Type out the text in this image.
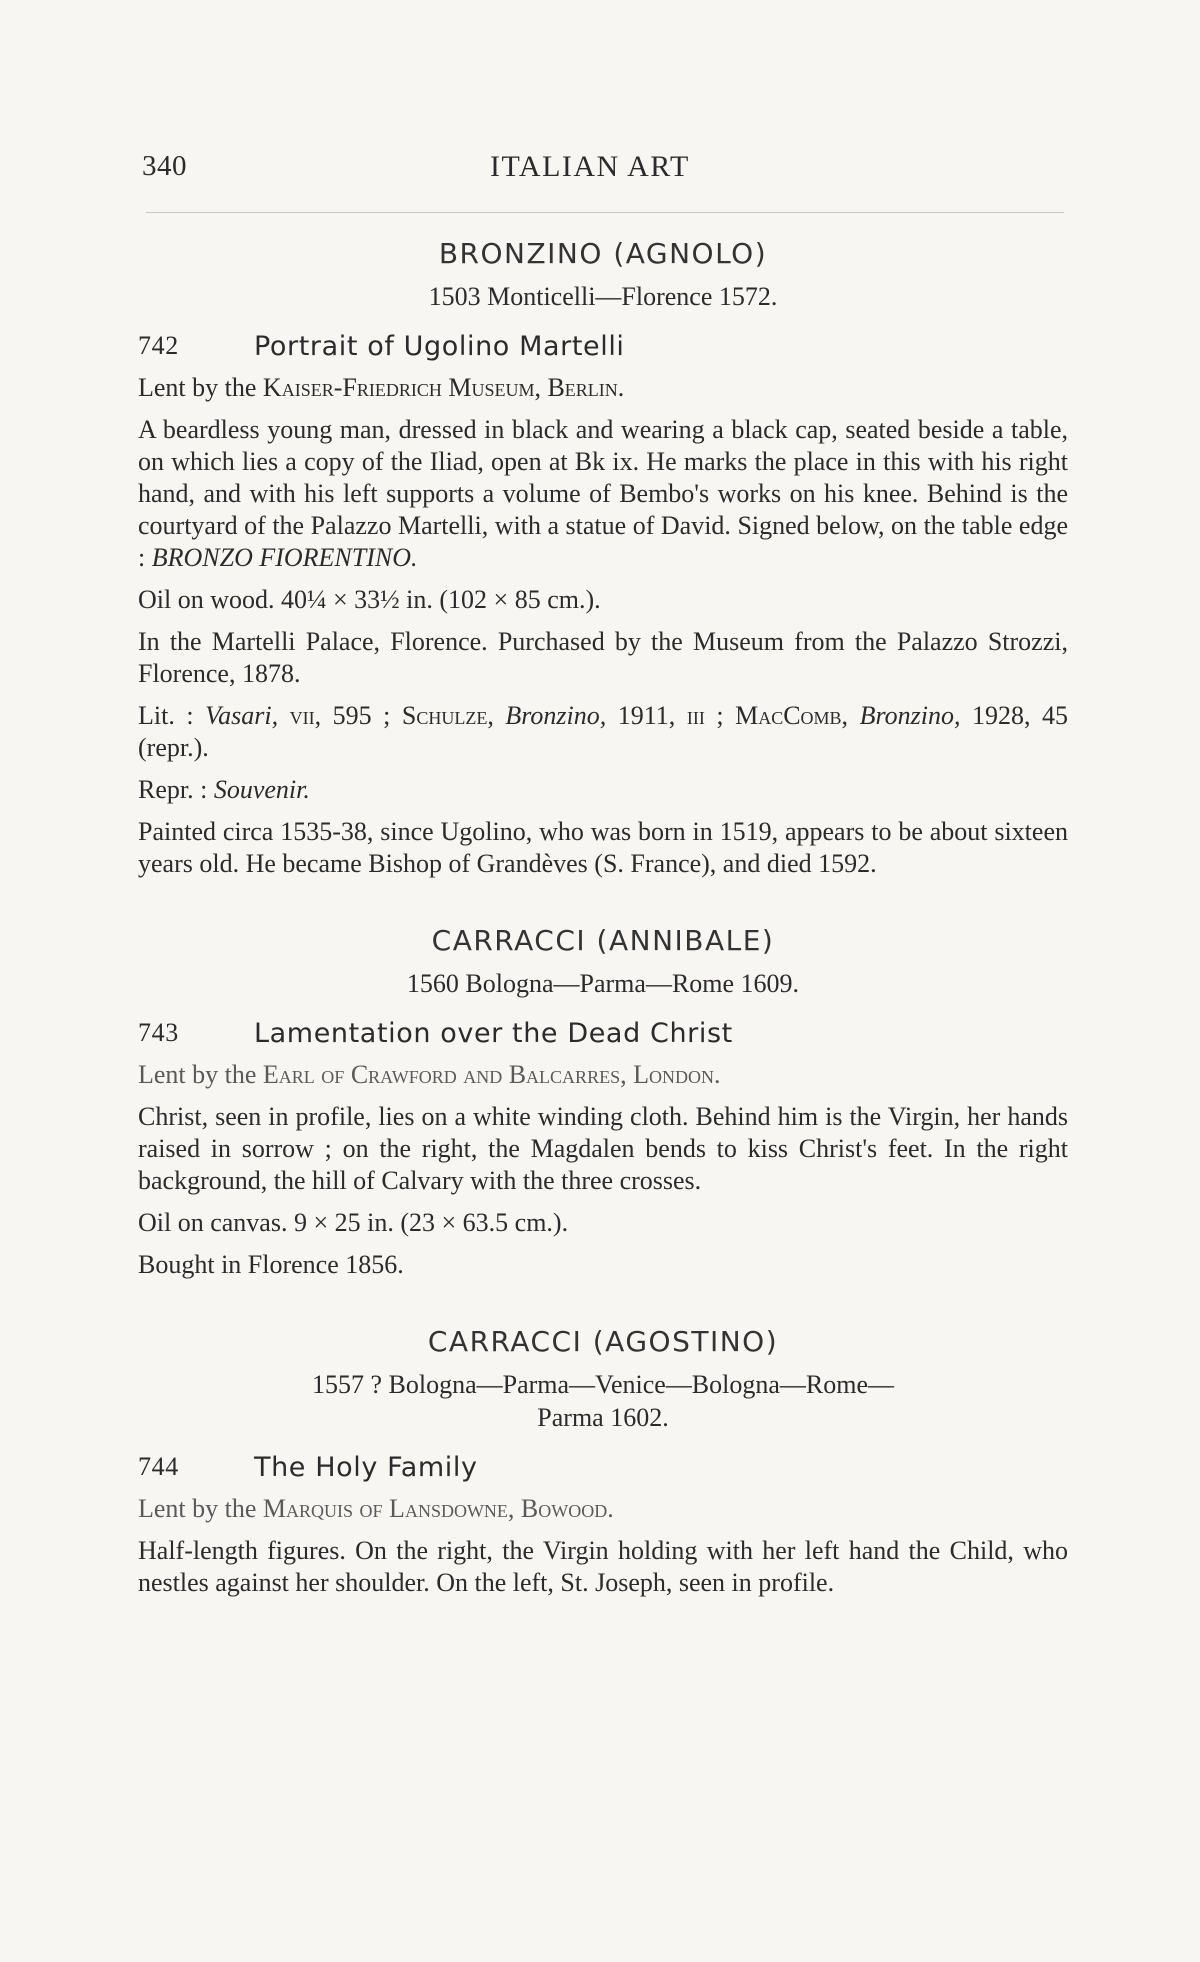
340	ITALIAN ART
BRONZINO (AGNOLO)
1503 Monticelli—Florence 1572.
742	Portrait of Ugolino Martelli
Lent by the Kaiser-Friedrich Museum, Berlin.
A beardless young man, dressed in black and wearing a black cap, seated beside a table, on which lies a copy of the Iliad, open at Bk ix. He marks the place in this with his right hand, and with his left supports a volume of Bembo's works on his knee. Behind is the courtyard of the Palazzo Martelli, with a statue of David. Signed below, on the table edge : BRONZO FIORENTINO.
Oil on wood. 40¼ × 33½ in. (102 × 85 cm.).
In the Martelli Palace, Florence. Purchased by the Museum from the Palazzo Strozzi, Florence, 1878.
Lit. : Vasari, vii, 595 ; Schulze, Bronzino, 1911, iii ; MacComb, Bronzino, 1928, 45 (repr.).
Repr. : Souvenir.
Painted circa 1535-38, since Ugolino, who was born in 1519, appears to be about sixteen years old. He became Bishop of Grandèves (S. France), and died 1592.
CARRACCI (ANNIBALE)
1560 Bologna—Parma—Rome 1609.
743	Lamentation over the Dead Christ
Lent by the Earl of Crawford and Balcarres, London.
Christ, seen in profile, lies on a white winding cloth. Behind him is the Virgin, her hands raised in sorrow ; on the right, the Magdalen bends to kiss Christ's feet. In the right background, the hill of Calvary with the three crosses.
Oil on canvas. 9 × 25 in. (23 × 63.5 cm.).
Bought in Florence 1856.
CARRACCI (AGOSTINO)
1557 ? Bologna—Parma—Venice—Bologna—Rome—
Parma 1602.
744	The Holy Family
Lent by the Marquis of Lansdowne, Bowood.
Half-length figures. On the right, the Virgin holding with her left hand the Child, who nestles against her shoulder. On the left, St. Joseph, seen in profile.
